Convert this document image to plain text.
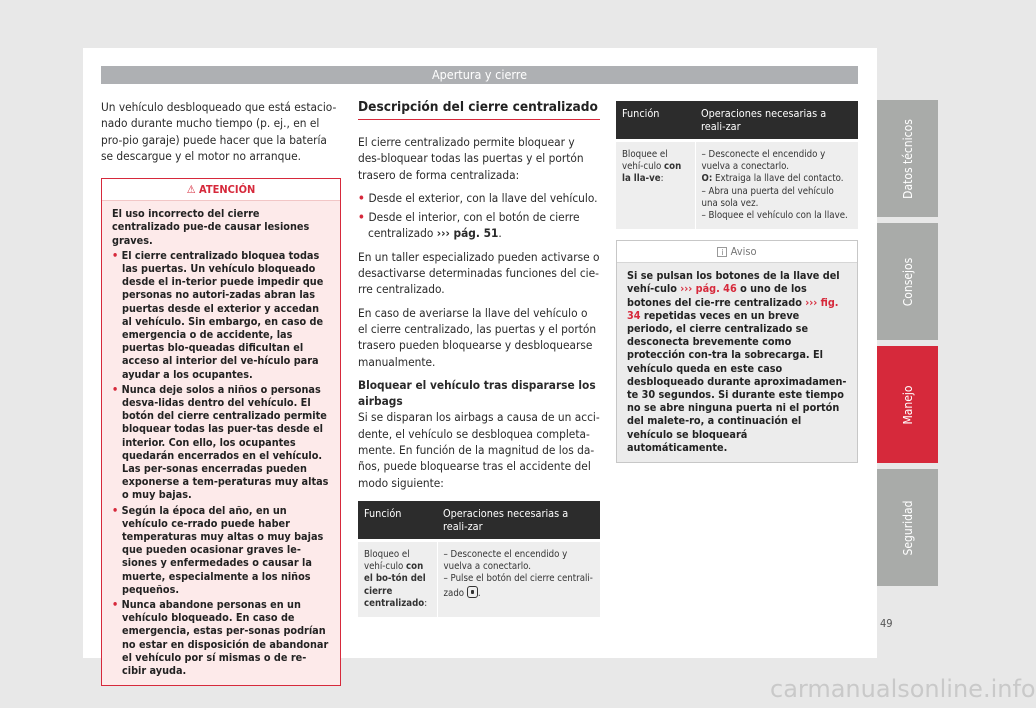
Apertura y cierre

Un vehículo desbloqueado que está estacio-nado durante mucho tiempo (p. ej., en el pro-pio garaje) puede hacer que la batería se descargue y el motor no arranque.

⚠ ATENCIÓN
El uso incorrecto del cierre centralizado pue-de causar lesiones graves.
• El cierre centralizado bloquea todas las puertas. Un vehículo bloqueado desde el in-terior puede impedir que personas no autori-zadas abran las puertas desde el exterior y accedan al vehículo. Sin embargo, en caso de emergencia o de accidente, las puertas blo-queadas dificultan el acceso al interior del ve-hículo para ayudar a los ocupantes.
• Nunca deje solos a niños o personas desva-lidas dentro del vehículo. El botón del cierre centralizado permite bloquear todas las puer-tas desde el interior. Con ello, los ocupantes quedarán encerrados en el vehículo. Las per-sonas encerradas pueden exponerse a tem-peraturas muy altas o muy bajas.
• Según la época del año, en un vehículo ce-rrado puede haber temperaturas muy altas o muy bajas que pueden ocasionar graves le-siones y enfermedades o causar la muerte, especialmente a los niños pequeños.
• Nunca abandone personas en un vehículo bloqueado. En caso de emergencia, estas per-sonas podrían no estar en disposición de abandonar el vehículo por sí mismas o de re-cibir ayuda.
Descripción del cierre centralizado

El cierre centralizado permite bloquear y des-bloquear todas las puertas y el portón trasero de forma centralizada:

• Desde el exterior, con la llave del vehículo.
• Desde el interior, con el botón de cierre centralizado ››› pág. 51.

En un taller especializado pueden activarse o desactivarse determinadas funciones del cie-rre centralizado.

En caso de averiarse la llave del vehículo o el cierre centralizado, las puertas y el portón trasero pueden bloquearse y desbloquearse manualmente.

Bloquear el vehículo tras dispararse los airbags

Si se disparan los airbags a causa de un acci-dente, el vehículo se desbloquea completa-mente. En función de la magnitud de los da-ños, puede bloquearse tras el accidente del modo siguiente:

Función	Operaciones necesarias a reali-zar

Bloqueo el vehí-culo con el bo-tón del cierre centralizado:	– Desconecte el encendido y vuelva a conectarlo.
– Pulse el botón del cierre centrali-zado .
Función	Operaciones necesarias a reali-zar

Bloquee el vehí-culo con la lla-ve:	– Desconecte el encendido y vuelva a conectarlo.
O: Extraiga la llave del contacto.
– Abra una puerta del vehículo una sola vez.
– Bloquee el vehículo con la llave.
i Aviso
Si se pulsan los botones de la llave del vehí-culo ››› pág. 46 o uno de los botones del cie-rre centralizado ››› fig. 34 repetidas veces en un breve periodo, el cierre centralizado se desconecta brevemente como protección con-tra la sobrecarga. El vehículo queda en este caso desbloqueado durante aproximadamen-te 30 segundos. Si durante este tiempo no se abre ninguna puerta ni el portón del malete-ro, a continuación el vehículo se bloqueará automáticamente.
Datos técnicos
Consejos
Manejo
Seguridad
49
carmanualsonline.info
